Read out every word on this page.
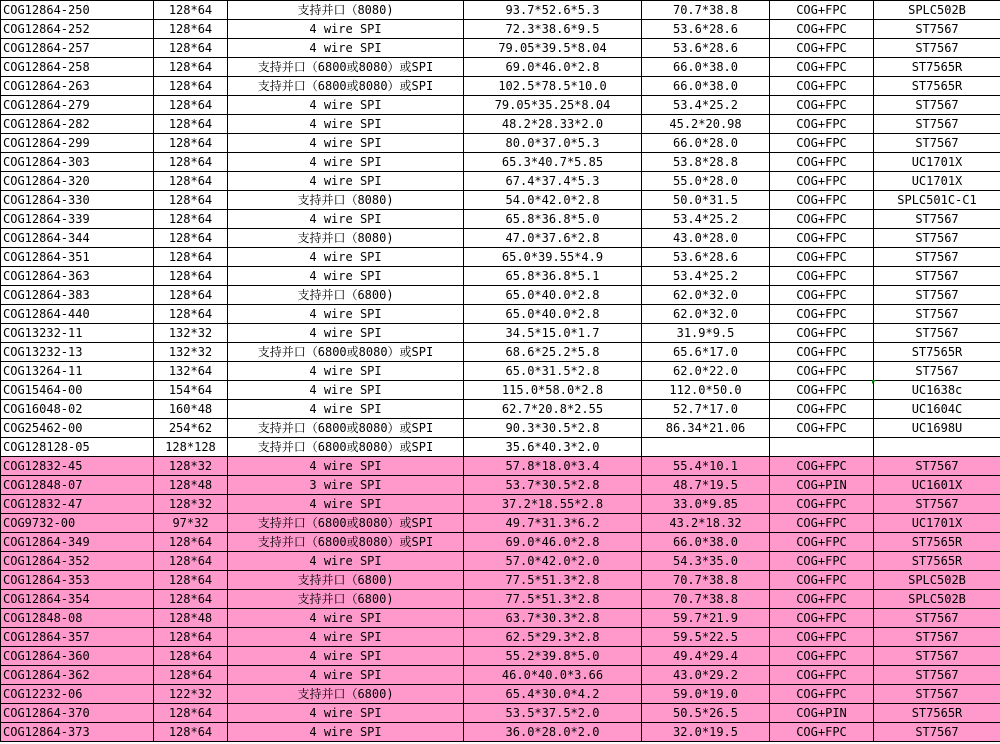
COG12864-250	128*64	支持并口（8080)	93.7*52.6*5.3	70.7*38.8	COG+FPC	SPLC502B
COG12864-252	128*64	4 wire SPI	72.3*38.6*9.5	53.6*28.6	COG+FPC	ST7567
COG12864-257	128*64	4 wire SPI	79.05*39.5*8.04	53.6*28.6	COG+FPC	ST7567
COG12864-258	128*64	支持并口（6800或8080）或SPI	69.0*46.0*2.8	66.0*38.0	COG+FPC	ST7565R
COG12864-263	128*64	支持并口（6800或8080）或SPI	102.5*78.5*10.0	66.0*38.0	COG+FPC	ST7565R
COG12864-279	128*64	4 wire SPI	79.05*35.25*8.04	53.4*25.2	COG+FPC	ST7567
COG12864-282	128*64	4 wire SPI	48.2*28.33*2.0	45.2*20.98	COG+FPC	ST7567
COG12864-299	128*64	4 wire SPI	80.0*37.0*5.3	66.0*28.0	COG+FPC	ST7567
COG12864-303	128*64	4 wire SPI	65.3*40.7*5.85	53.8*28.8	COG+FPC	UC1701X
COG12864-320	128*64	4 wire SPI	67.4*37.4*5.3	55.0*28.0	COG+FPC	UC1701X
COG12864-330	128*64	支持并口（8080)	54.0*42.0*2.8	50.0*31.5	COG+FPC	SPLC501C-C1
COG12864-339	128*64	4 wire SPI	65.8*36.8*5.0	53.4*25.2	COG+FPC	ST7567
COG12864-344	128*64	支持并口（8080)	47.0*37.6*2.8	43.0*28.0	COG+FPC	ST7567
COG12864-351	128*64	4 wire SPI	65.0*39.55*4.9	53.6*28.6	COG+FPC	ST7567
COG12864-363	128*64	4 wire SPI	65.8*36.8*5.1	53.4*25.2	COG+FPC	ST7567
COG12864-383	128*64	支持并口（6800)	65.0*40.0*2.8	62.0*32.0	COG+FPC	ST7567
COG12864-440	128*64	4 wire SPI	65.0*40.0*2.8	62.0*32.0	COG+FPC	ST7567
COG13232-11	132*32	4 wire SPI	34.5*15.0*1.7	31.9*9.5	COG+FPC	ST7567
COG13232-13	132*32	支持并口（6800或8080）或SPI	68.6*25.2*5.8	65.6*17.0	COG+FPC	ST7565R
COG13264-11	132*64	4 wire SPI	65.0*31.5*2.8	62.0*22.0	COG+FPC	ST7567
COG15464-00	154*64	4 wire SPI	115.0*58.0*2.8	112.0*50.0	COG+FPC	UC1638c
COG16048-02	160*48	4 wire SPI	62.7*20.8*2.55	52.7*17.0	COG+FPC	UC1604C
COG25462-00	254*62	支持并口（6800或8080）或SPI	90.3*30.5*2.8	86.34*21.06	COG+FPC	UC1698U
COG128128-05	128*128	支持并口（6800或8080）或SPI	35.6*40.3*2.0			
COG12832-45	128*32	4 wire SPI	57.8*18.0*3.4	55.4*10.1	COG+FPC	ST7567
COG12848-07	128*48	3 wire SPI	53.7*30.5*2.8	48.7*19.5	COG+PIN	UC1601X
COG12832-47	128*32	4 wire SPI	37.2*18.55*2.8	33.0*9.85	COG+FPC	ST7567
COG9732-00	97*32	支持并口（6800或8080）或SPI	49.7*31.3*6.2	43.2*18.32	COG+FPC	UC1701X
COG12864-349	128*64	支持并口（6800或8080）或SPI	69.0*46.0*2.8	66.0*38.0	COG+FPC	ST7565R
COG12864-352	128*64	4 wire SPI	57.0*42.0*2.0	54.3*35.0	COG+FPC	ST7565R
COG12864-353	128*64	支持并口（6800)	77.5*51.3*2.8	70.7*38.8	COG+FPC	SPLC502B
COG12864-354	128*64	支持并口（6800)	77.5*51.3*2.8	70.7*38.8	COG+FPC	SPLC502B
COG12848-08	128*48	4 wire SPI	63.7*30.3*2.8	59.7*21.9	COG+FPC	ST7567
COG12864-357	128*64	4 wire SPI	62.5*29.3*2.8	59.5*22.5	COG+FPC	ST7567
COG12864-360	128*64	4 wire SPI	55.2*39.8*5.0	49.4*29.4	COG+FPC	ST7567
COG12864-362	128*64	4 wire SPI	46.0*40.0*3.66	43.0*29.2	COG+FPC	ST7567
COG12232-06	122*32	支持并口（6800)	65.4*30.0*4.2	59.0*19.0	COG+FPC	ST7567
COG12864-370	128*64	4 wire SPI	53.5*37.5*2.0	50.5*26.5	COG+PIN	ST7565R
COG12864-373	128*64	4 wire SPI	36.0*28.0*2.0	32.0*19.5	COG+FPC	ST7567
